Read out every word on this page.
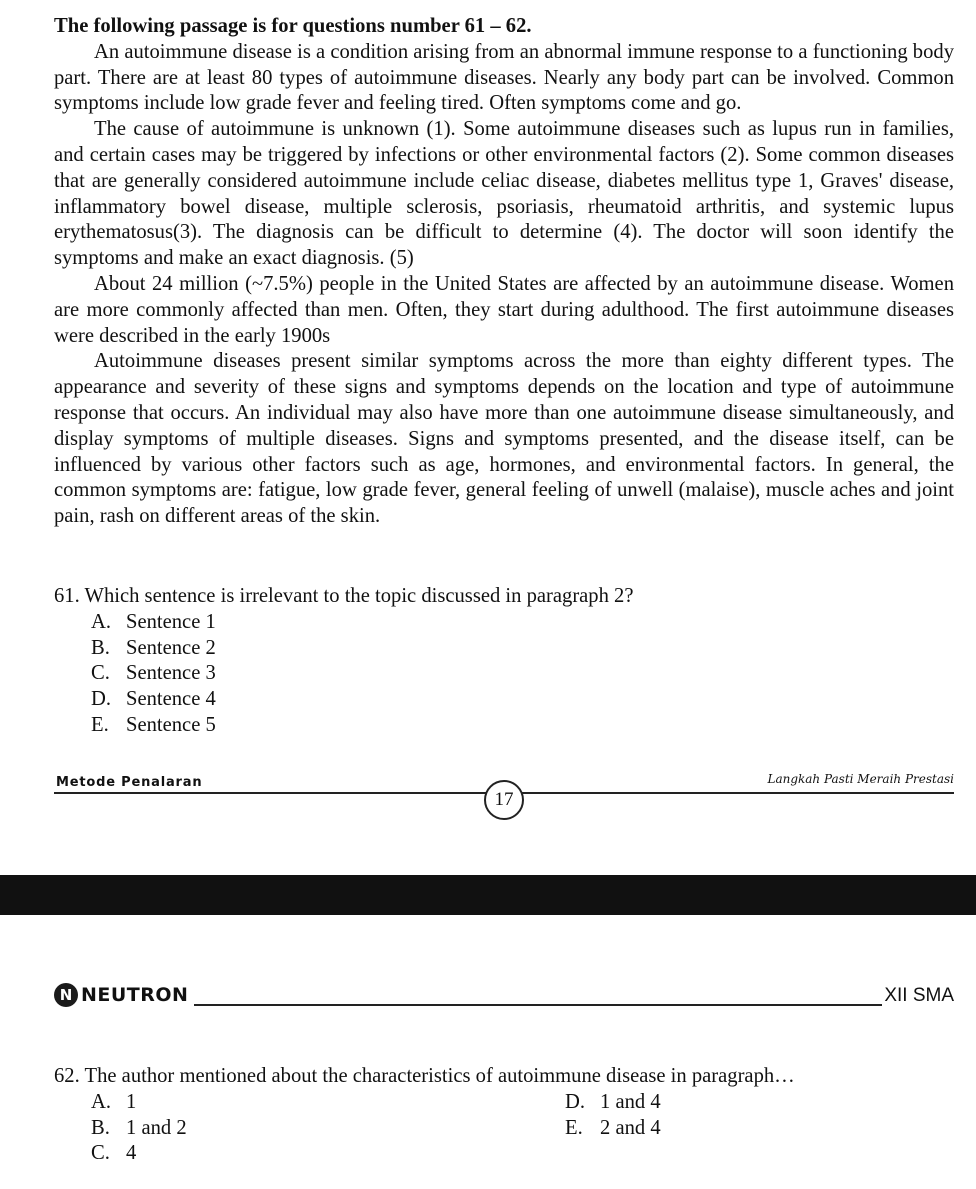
The following passage is for questions number 61 – 62.

An autoimmune disease is a condition arising from an abnormal immune response to a functioning body part. There are at least 80 types of autoimmune diseases. Nearly any body part can be involved. Common symptoms include low grade fever and feeling tired. Often symptoms come and go.

The cause of autoimmune is unknown (1). Some autoimmune diseases such as lupus run in families, and certain cases may be triggered by infections or other environmental factors (2). Some common diseases that are generally considered autoimmune include celiac disease, diabetes mellitus type 1, Graves' disease, inflammatory bowel disease, multiple sclerosis, psoriasis, rheumatoid arthritis, and systemic lupus erythematosus(3). The diagnosis can be difficult to determine (4). The doctor will soon identify the symptoms and make an exact diagnosis. (5)

About 24 million (~7.5%) people in the United States are affected by an autoimmune disease. Women are more commonly affected than men. Often, they start during adulthood. The first autoimmune diseases were described in the early 1900s

Autoimmune diseases present similar symptoms across the more than eighty different types. The appearance and severity of these signs and symptoms depends on the location and type of autoimmune response that occurs. An individual may also have more than one autoimmune disease simultaneously, and display symptoms of multiple diseases. Signs and symptoms presented, and the disease itself, can be influenced by various other factors such as age, hormones, and environmental factors. In general, the common symptoms are: fatigue, low grade fever, general feeling of unwell (malaise), muscle aches and joint pain, rash on different areas of the skin.

61. Which sentence is irrelevant to the topic discussed in paragraph 2?

A. Sentence 1
B. Sentence 2
C. Sentence 3
D. Sentence 4
E. Sentence 5
Metode Penalaran
17
Langkah Pasti Meraih Prestasi
N NEUTRON	XII SMA

62. The author mentioned about the characteristics of autoimmune disease in paragraph…

A. 1	D. 1 and 4
B. 1 and 2	E. 2 and 4
C. 4
